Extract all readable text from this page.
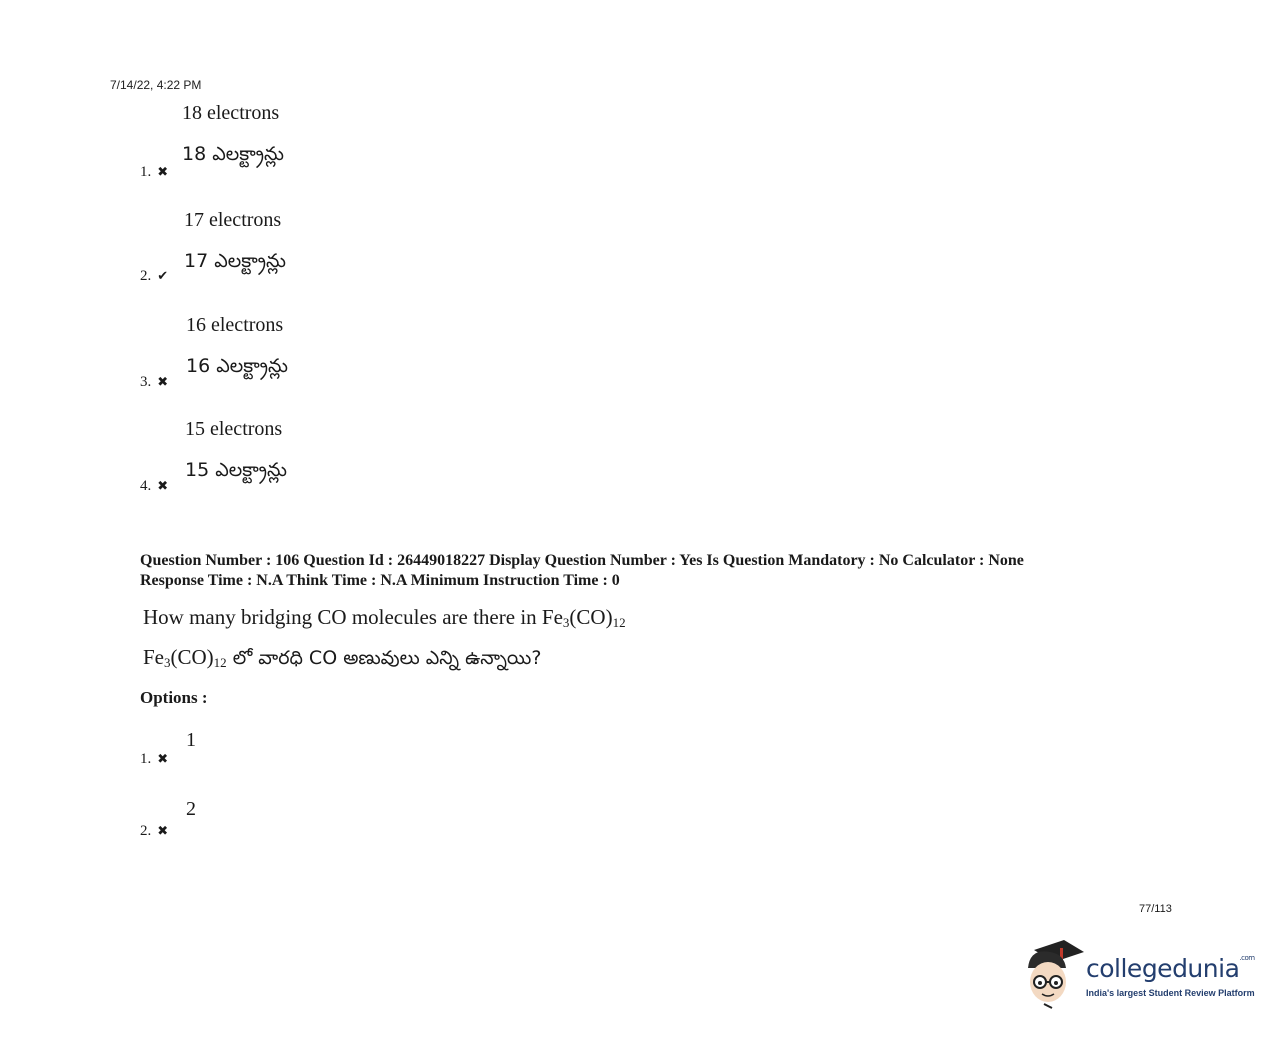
7/14/22, 4:22 PM
18 electrons
18 ఎలక్ట్రాన్లు
1. ✖
17 electrons
17 ఎలక్ట్రాన్లు
2. ✔
16 electrons
16 ఎలక్ట్రాన్లు
3. ✖
15 electrons
15 ఎలక్ట్రాన్లు
4. ✖
Question Number : 106 Question Id : 26449018227 Display Question Number : Yes Is Question Mandatory : No Calculator : None
Response Time : N.A Think Time : N.A Minimum Instruction Time : 0
How many bridging CO molecules are there in $Fe_3(CO)_{12}$
$Fe_3(CO)_{12}$ లో వారధి CO అణువులు ఎన్ని ఉన్నాయి?
Options :
1
1. ✖
2
2. ✖
77/113
collegedunia$^{.com}$
India's largest Student Review Platform
